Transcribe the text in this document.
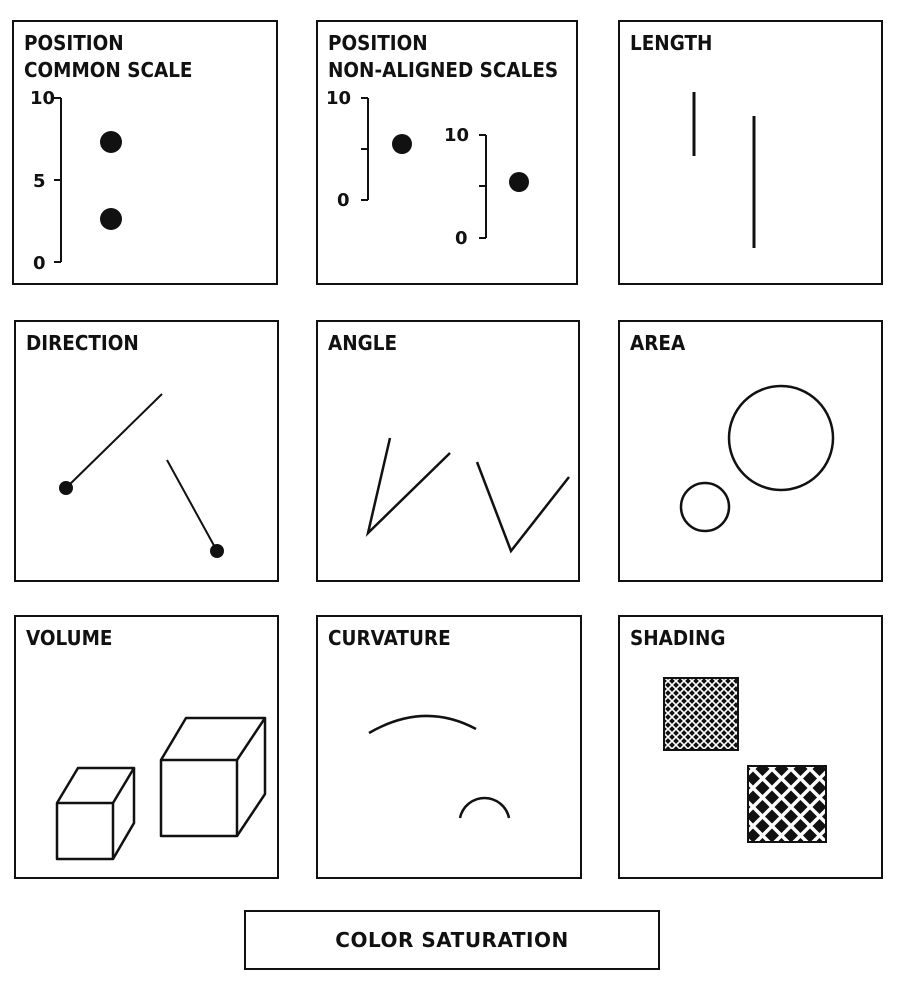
POSITION
COMMON SCALE
10
5
0
POSITION
NON-ALIGNED SCALES
10
0
10
0
LENGTH
DIRECTION	ANGLE	AREA
VOLUME	CURVATURE	SHADING
COLOR SATURATION
